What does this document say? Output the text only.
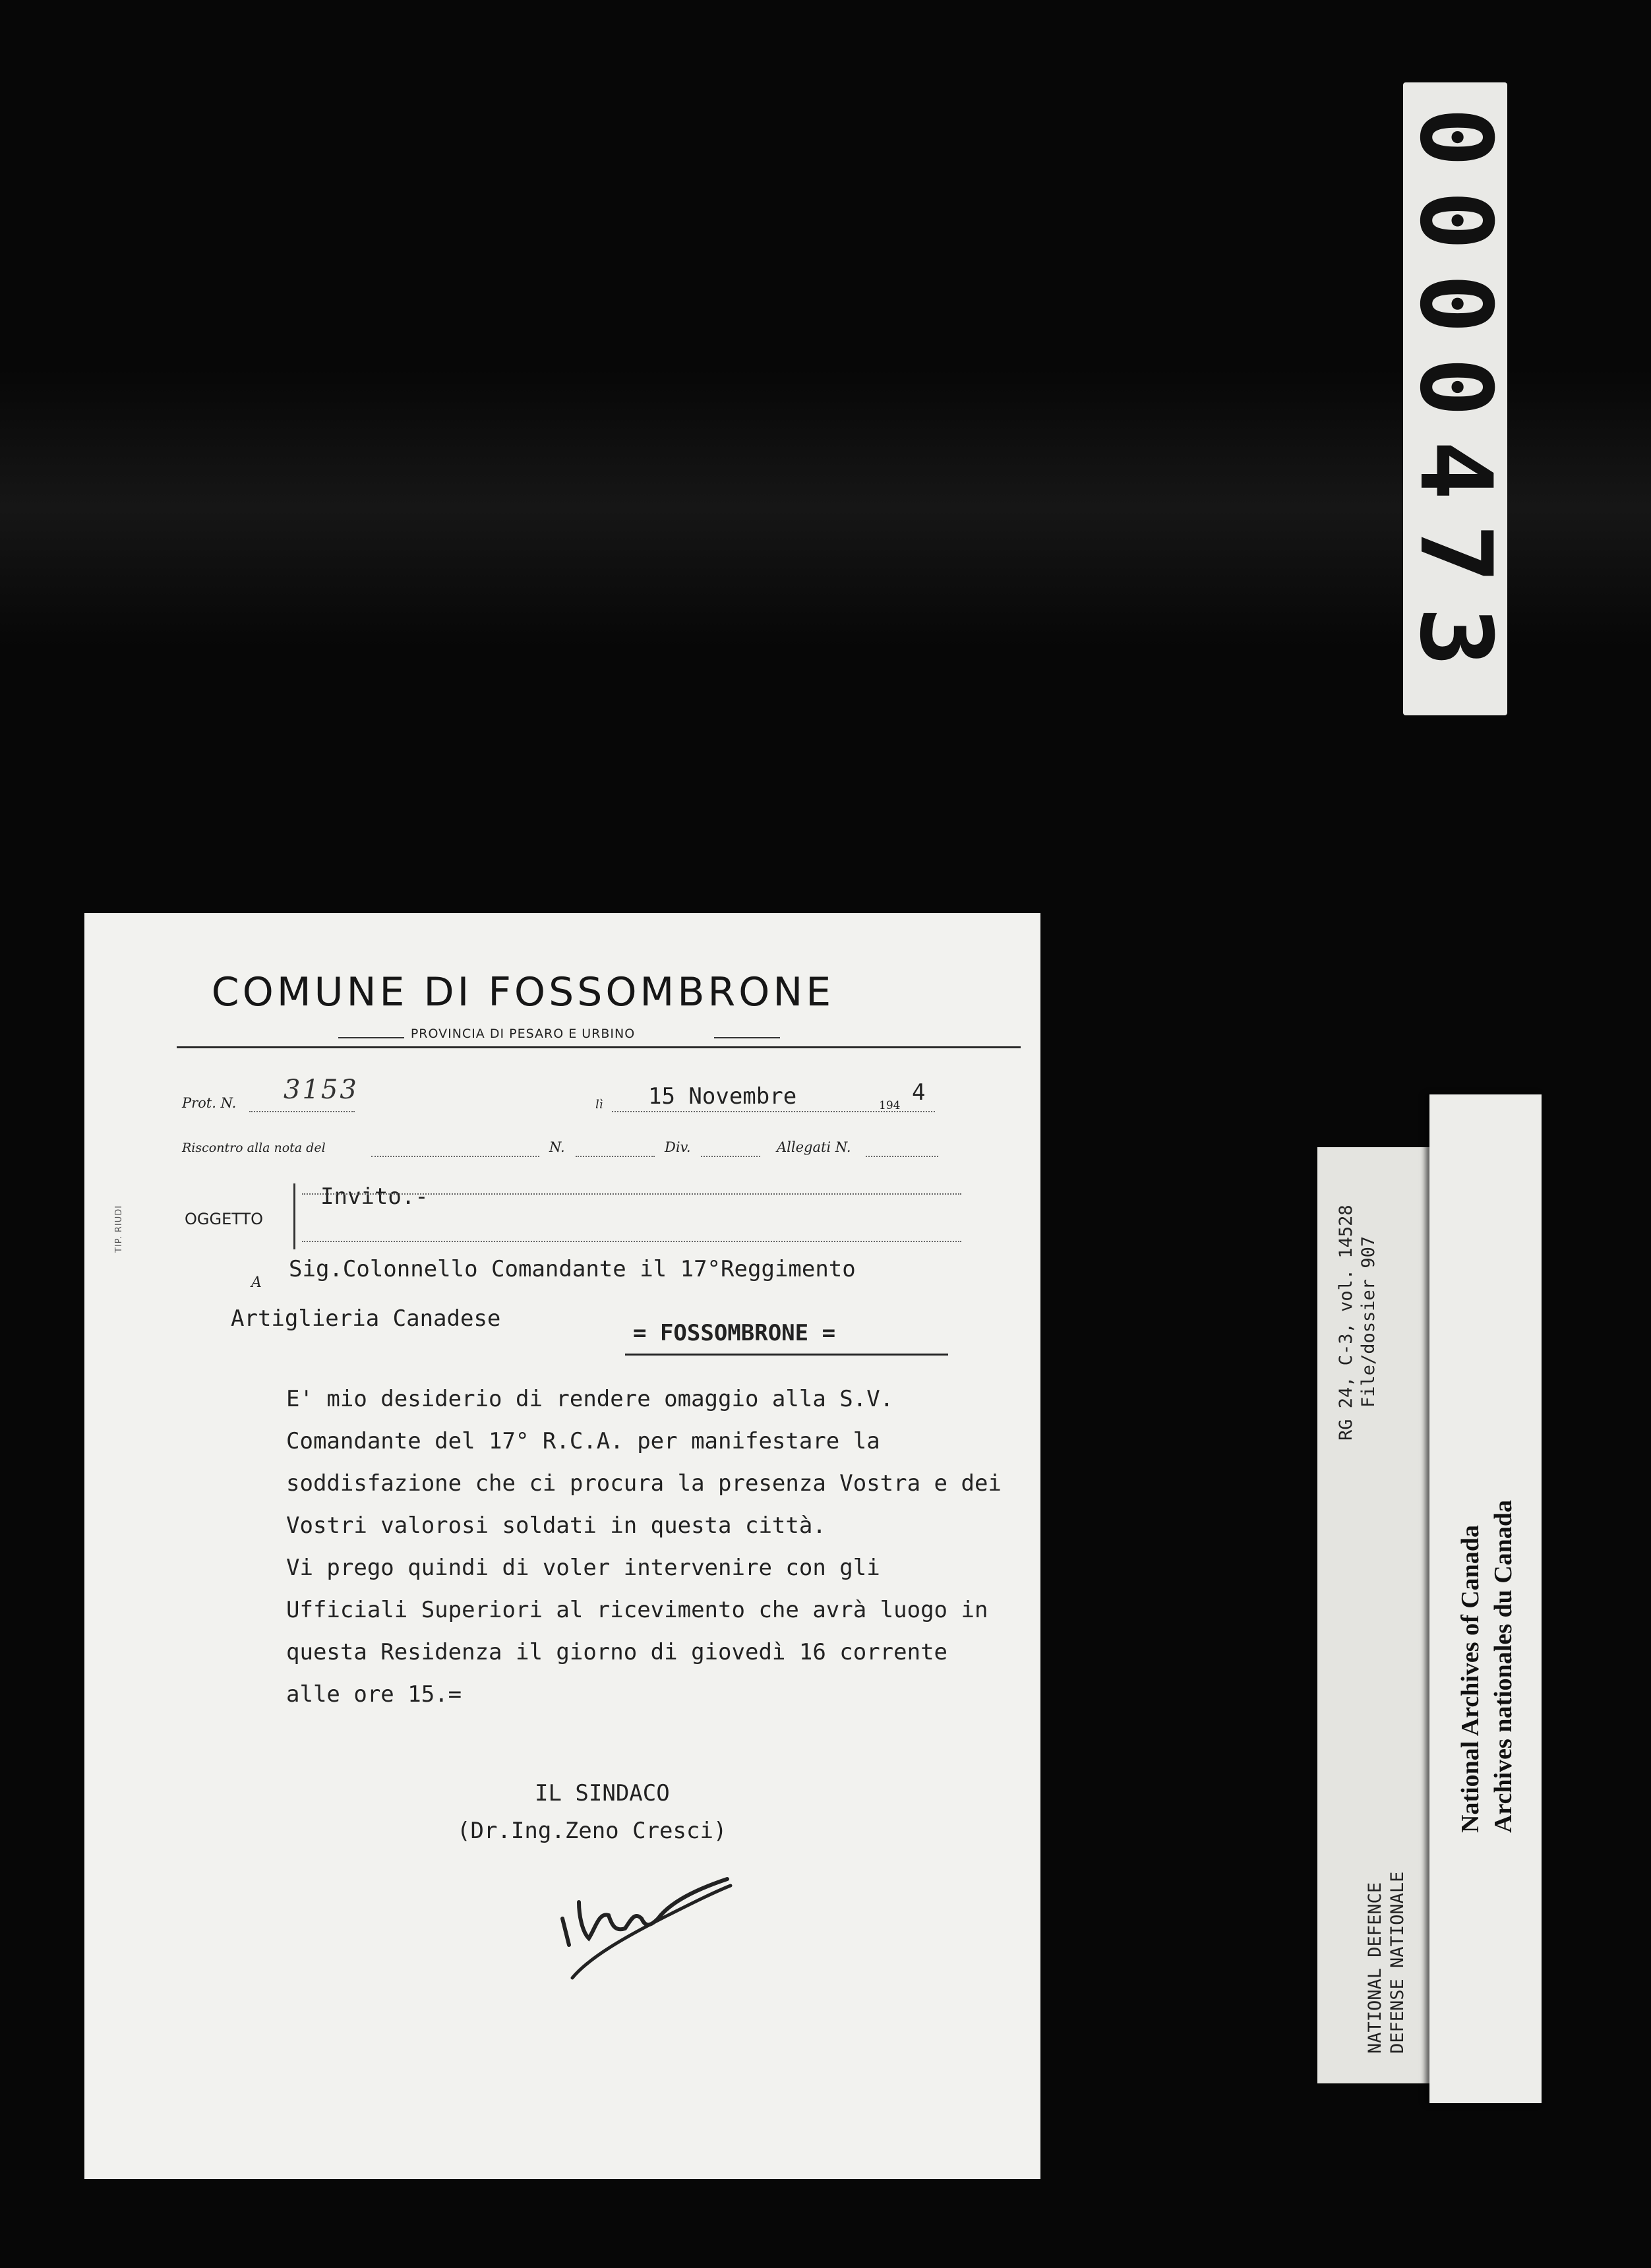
0000473
COMUNE DI FOSSOMBRONE
PROVINCIA DI PESARO E URBINO
Prot. N. 3153	lì 15 Novembre	194 4
Riscontro alla nota del	N.	Div.	Allegati N.
OGGETTO
Invito.-
TIP. RIUDI
A
Sig.Colonnello Comandante il 17°Reggimento
Artiglieria Canadese
= FOSSOMBRONE =

E' mio desiderio di rendere omaggio alla S.V. Comandante del 17° R.C.A. per manifestare la soddisfazione che ci procura la presenza Vostra e dei Vostri valorosi soldati in questa città.

Vi prego quindi di voler intervenire con gli Ufficiali Superiori al ricevimento che avrà luogo in questa Residenza il giorno di giovedì 16 corrente alle ore 15.=

IL SINDACO
(Dr.Ing.Zeno Cresci)
RG 24, C-3, vol. 14528 File/dossier 907
NATIONAL DEFENCE DEFENSE NATIONALE
National Archives of Canada Archives nationales du Canada
